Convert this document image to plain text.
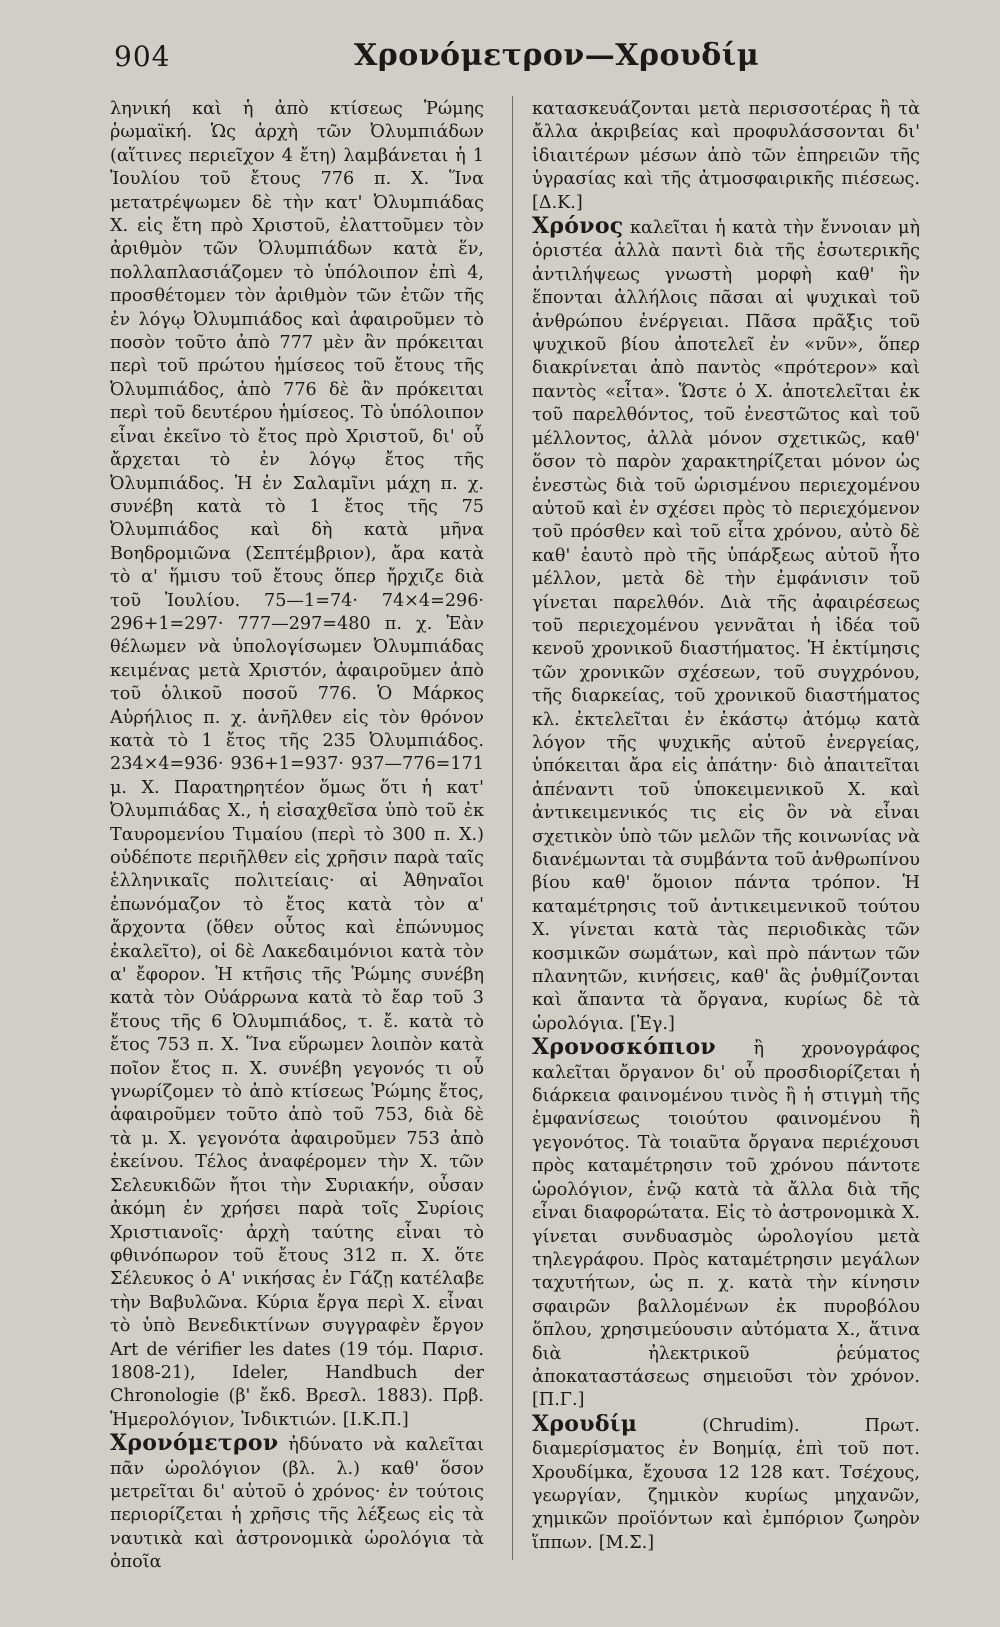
904	Χρονόμετρον—Χρουδίμ

ληνική καὶ ἡ ἀπὸ κτίσεως Ῥώμης ῥωμαϊκή. Ὡς ἀρχὴ τῶν Ὀλυμπιάδων (αἵτινες περιεῖχον 4 ἔτη) λαμβάνεται ἡ 1 Ἰουλίου τοῦ ἔτους 776 π. Χ. Ἵνα μετατρέψωμεν δὲ τὴν κατ' Ὀλυμπιάδας Χ. εἰς ἔτη πρὸ Χριστοῦ, ἐλαττοῦμεν τὸν ἀριθμὸν τῶν Ὀλυμπιάδων κατὰ ἕν, πολλαπλασιάζομεν τὸ ὑπόλοιπον ἐπὶ 4, προσθέτομεν τὸν ἀριθμὸν τῶν ἐτῶν τῆς ἐν λόγῳ Ὀλυμπιάδος καὶ ἀφαιροῦμεν τὸ ποσὸν τοῦτο ἀπὸ 777 μὲν ἂν πρόκειται περὶ τοῦ πρώτου ἡμίσεος τοῦ ἔτους τῆς Ὀλυμπιάδος, ἀπὸ 776 δὲ ἂν πρόκειται περὶ τοῦ δευτέρου ἡμίσεος. Τὸ ὑπόλοιπον εἶναι ἐκεῖνο τὸ ἔτος πρὸ Χριστοῦ, δι' οὗ ἄρχεται τὸ ἐν λόγῳ ἔτος τῆς Ὀλυμπιάδος. Ἡ ἐν Σαλαμῖνι μάχη π. χ. συνέβη κατὰ τὸ 1 ἔτος τῆς 75 Ὀλυμπιάδος καὶ δὴ κατὰ μῆνα Βοηδρομιῶνα (Σεπτέμβριον), ἄρα κατὰ τὸ α' ἥμισυ τοῦ ἔτους ὅπερ ἤρχιζε διὰ τοῦ Ἰουλίου. 75—1=74· 74×4=296· 296+1=297· 777—297=480 π. χ. Ἐὰν θέλωμεν νὰ ὑπολογίσωμεν Ὀλυμπιάδας κειμένας μετὰ Χριστόν, ἀφαιροῦμεν ἀπὸ τοῦ ὁλικοῦ ποσοῦ 776. Ὁ Μάρκος Αὐρήλιος π. χ. ἀνῆλθεν εἰς τὸν θρόνον κατὰ τὸ 1 ἔτος τῆς 235 Ὀλυμπιάδος. 234×4=936· 936+1=937· 937—776=171 μ. Χ. Παρατηρητέον ὅμως ὅτι ἡ κατ' Ὀλυμπιάδας Χ., ἡ εἰσαχθεῖσα ὑπὸ τοῦ ἐκ Ταυρομενίου Τιμαίου (περὶ τὸ 300 π. Χ.) οὐδέποτε περιῆλθεν εἰς χρῆσιν παρὰ ταῖς ἑλληνικαῖς πολιτείαις· αἱ Ἀθηναῖοι ἐπωνόμαζον τὸ ἔτος κατὰ τὸν α' ἄρχοντα (ὅθεν οὗτος καὶ ἐπώνυμος ἐκαλεῖτο), οἱ δὲ Λακεδαιμόνιοι κατὰ τὸν α' ἔφορον. Ἡ κτῆσις τῆς Ῥώμης συνέβη κατὰ τὸν Οὐάρρωνα κατὰ τὸ ἔαρ τοῦ 3 ἔτους τῆς 6 Ὀλυμπιάδος, τ. ἔ. κατὰ τὸ ἔτος 753 π. Χ. Ἵνα εὕρωμεν λοιπὸν κατὰ ποῖον ἔτος π. Χ. συνέβη γεγονός τι οὗ γνωρίζομεν τὸ ἀπὸ κτίσεως Ῥώμης ἔτος, ἀφαιροῦμεν τοῦτο ἀπὸ τοῦ 753, διὰ δὲ τὰ μ. Χ. γεγονότα ἀφαιροῦμεν 753 ἀπὸ ἐκείνου. Τέλος ἀναφέρομεν τὴν Χ. τῶν Σελευκιδῶν ἤτοι τὴν Συριακήν, οὖσαν ἀκόμη ἐν χρήσει παρὰ τοῖς Συρίοις Χριστιανοῖς· ἀρχὴ ταύτης εἶναι τὸ φθινόπωρον τοῦ ἔτους 312 π. Χ. ὅτε Σέλευκος ὁ Α' νικήσας ἐν Γάζῃ κατέλαβε τὴν Βαβυλῶνα. Κύρια ἔργα περὶ Χ. εἶναι τὸ ὑπὸ Βενεδικτίνων συγγραφὲν ἔργον Art de vérifier les dates (19 τόμ. Παρισ. 1808-21), Ideler, Handbuch der Chronologie (β' ἔκδ. Βρεσλ. 1883). Πρβ. Ἡμερολόγιον, Ἰνδικτιών. [Ι.Κ.Π.]

Χρονόμετρον ἠδύνατο νὰ καλεῖται πᾶν ὡρολόγιον (βλ. λ.) καθ' ὅσον μετρεῖται δι' αὐτοῦ ὁ χρόνος· ἐν τούτοις περιορίζεται ἡ χρῆσις τῆς λέξεως εἰς τὰ ναυτικὰ καὶ ἀστρονομικὰ ὡρολόγια τὰ ὁποῖα

κατασκευάζονται μετὰ περισσοτέρας ἢ τὰ ἄλλα ἀκριβείας καὶ προφυλάσσονται δι' ἰδιαιτέρων μέσων ἀπὸ τῶν ἐπηρειῶν τῆς ὑγρασίας καὶ τῆς ἀτμοσφαιρικῆς πιέσεως. [Δ.Κ.]

Χρόνος καλεῖται ἡ κατὰ τὴν ἔννοιαν μὴ ὁριστέα ἀλλὰ παντὶ διὰ τῆς ἐσωτερικῆς ἀντιλήψεως γνωστὴ μορφὴ καθ' ἣν ἕπονται ἀλλήλοις πᾶσαι αἱ ψυχικαὶ τοῦ ἀνθρώπου ἐνέργειαι. Πᾶσα πρᾶξις τοῦ ψυχικοῦ βίου ἀποτελεῖ ἐν «νῦν», ὅπερ διακρίνεται ἀπὸ παντὸς «πρότερον» καὶ παντὸς «εἶτα». Ὥστε ὁ Χ. ἀποτελεῖται ἐκ τοῦ παρελθόντος, τοῦ ἐνεστῶτος καὶ τοῦ μέλλοντος, ἀλλὰ μόνον σχετικῶς, καθ' ὅσον τὸ παρὸν χαρακτηρίζεται μόνον ὡς ἐνεστὼς διὰ τοῦ ὡρισμένου περιεχομένου αὐτοῦ καὶ ἐν σχέσει πρὸς τὸ περιεχόμενον τοῦ πρόσθεν καὶ τοῦ εἶτα χρόνου, αὐτὸ δὲ καθ' ἑαυτὸ πρὸ τῆς ὑπάρξεως αὐτοῦ ἦτο μέλλον, μετὰ δὲ τὴν ἐμφάνισιν τοῦ γίνεται παρελθόν. Διὰ τῆς ἀφαιρέσεως τοῦ περιεχομένου γεννᾶται ἡ ἰδέα τοῦ κενοῦ χρονικοῦ διαστήματος. Ἡ ἐκτίμησις τῶν χρονικῶν σχέσεων, τοῦ συγχρόνου, τῆς διαρκείας, τοῦ χρονικοῦ διαστήματος κλ. ἐκτελεῖται ἐν ἑκάστῳ ἀτόμῳ κατὰ λόγον τῆς ψυχικῆς αὐτοῦ ἐνεργείας, ὑπόκειται ἄρα εἰς ἀπάτην· διὸ ἀπαιτεῖται ἀπέναντι τοῦ ὑποκειμενικοῦ Χ. καὶ ἀντικειμενικός τις εἰς ὃν νὰ εἶναι σχετικὸν ὑπὸ τῶν μελῶν τῆς κοινωνίας νὰ διανέμωνται τὰ συμβάντα τοῦ ἀνθρωπίνου βίου καθ' ὅμοιον πάντα τρόπον. Ἡ καταμέτρησις τοῦ ἀντικειμενικοῦ τούτου Χ. γίνεται κατὰ τὰς περιοδικὰς τῶν κοσμικῶν σωμάτων, καὶ πρὸ πάντων τῶν πλανητῶν, κινήσεις, καθ' ἃς ῥυθμίζονται καὶ ἅπαντα τὰ ὄργανα, κυρίως δὲ τὰ ὡρολόγια. [Ἐγ.]

Χρονοσκόπιον ἢ χρονογράφος καλεῖται ὄργανον δι' οὗ προσδιορίζεται ἡ διάρκεια φαινομένου τινὸς ἢ ἡ στιγμὴ τῆς ἐμφανίσεως τοιούτου φαινομένου ἢ γεγονότος. Τὰ τοιαῦτα ὄργανα περιέχουσι πρὸς καταμέτρησιν τοῦ χρόνου πάντοτε ὡρολόγιον, ἐνῷ κατὰ τὰ ἄλλα διὰ τῆς εἶναι διαφορώτατα. Εἰς τὸ ἀστρονομικὰ Χ. γίνεται συνδυασμὸς ὡρολογίου μετὰ τηλεγράφου. Πρὸς καταμέτρησιν μεγάλων ταχυτήτων, ὡς π. χ. κατὰ τὴν κίνησιν σφαιρῶν βαλλομένων ἐκ πυροβόλου ὅπλου, χρησιμεύουσιν αὐτόματα Χ., ἅτινα διὰ ἠλεκτρικοῦ ῥεύματος ἀποκαταστάσεως σημειοῦσι τὸν χρόνον. [Π.Γ.]

Χρουδίμ	(Chrudim). Πρωτ. διαμερίσματος ἐν Βοημίᾳ, ἐπὶ τοῦ ποτ. Χρουδίμκα, ἔχουσα 12 128 κατ. Τσέχους, γεωργίαν, ζημικὸν κυρίως μηχανῶν, χημικῶν προϊόντων καὶ ἐμπόριον ζωηρὸν ἵππων. [Μ.Σ.]
